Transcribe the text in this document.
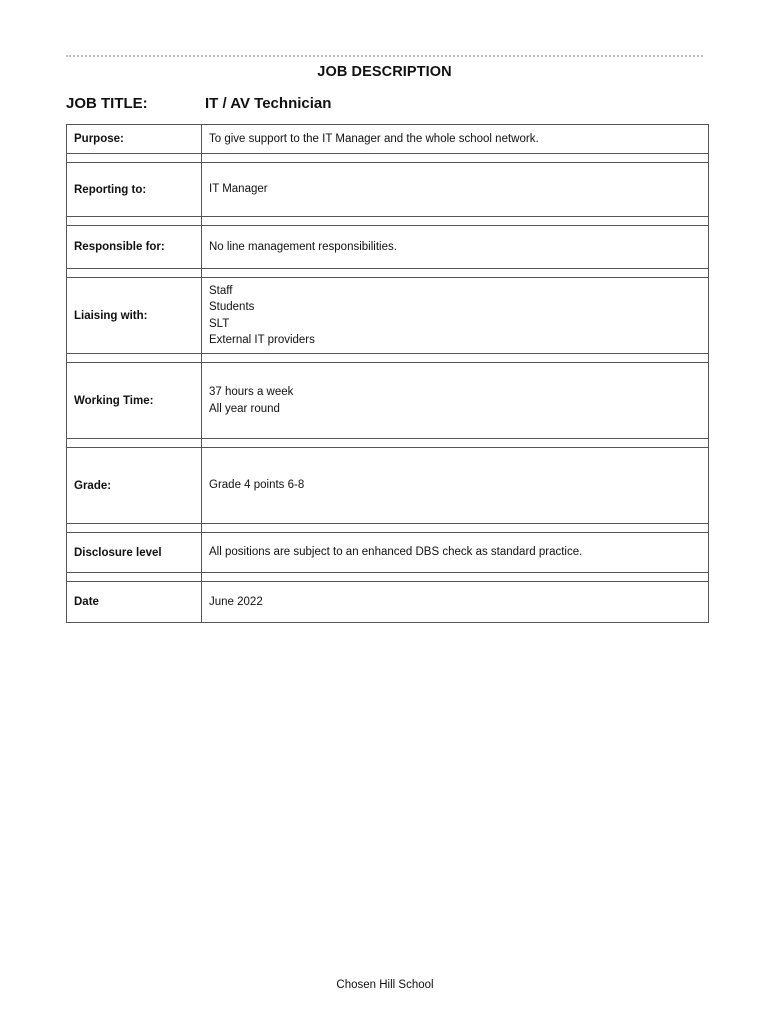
JOB DESCRIPTION
JOB TITLE:	IT / AV Technician
Purpose:	To give support to the IT Manager and the whole school network.

Reporting to:	IT Manager

Responsible for:	No line management responsibilities.

Liaising with:	Staff
Students
SLT
External IT providers

Working Time:	37 hours a week
All year round

Grade:	Grade 4 points 6-8

Disclosure level	All positions are subject to an enhanced DBS check as standard practice.

Date	June 2022
Chosen Hill School
